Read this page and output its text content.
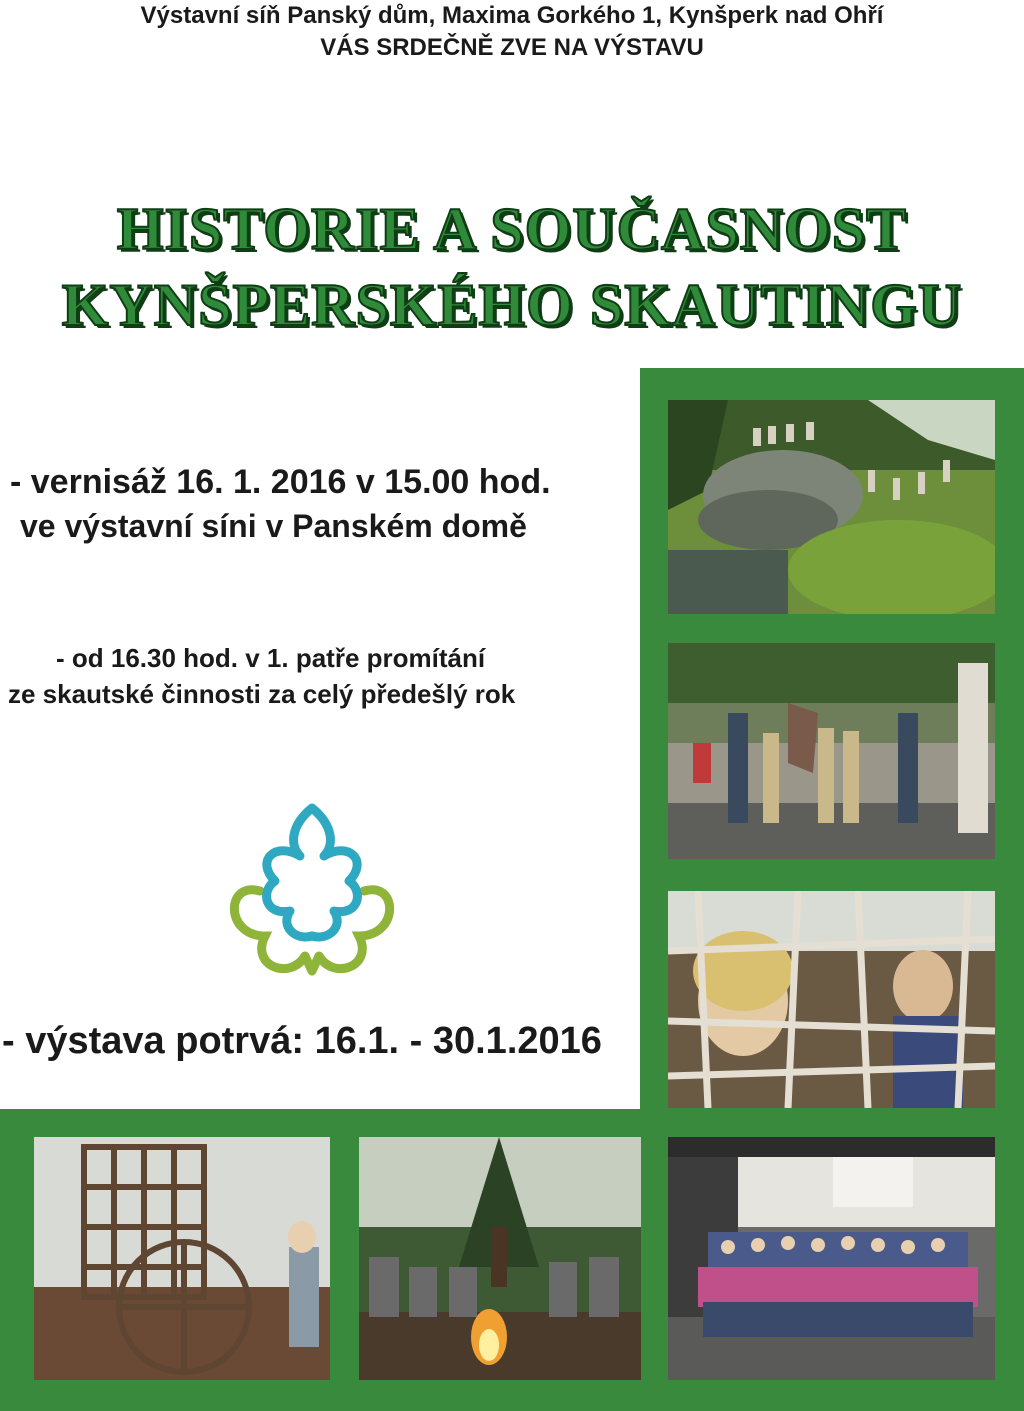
Výstavní síň Panský dům, Maxima Gorkého 1, Kynšperk nad Ohří
VÁS SRDEČNĚ ZVE NA VÝSTAVU
HISTORIE A SOUČASNOST
KYNŠPERSKÉHO SKAUTINGU
- vernisáž 16. 1. 2016 v 15.00 hod.
ve výstavní síni v Panském domě
- od 16.30 hod. v 1. patře promítání
ze skautské činnosti za celý předešlý rok
- výstava potrvá: 16.1. - 30.1.2016
